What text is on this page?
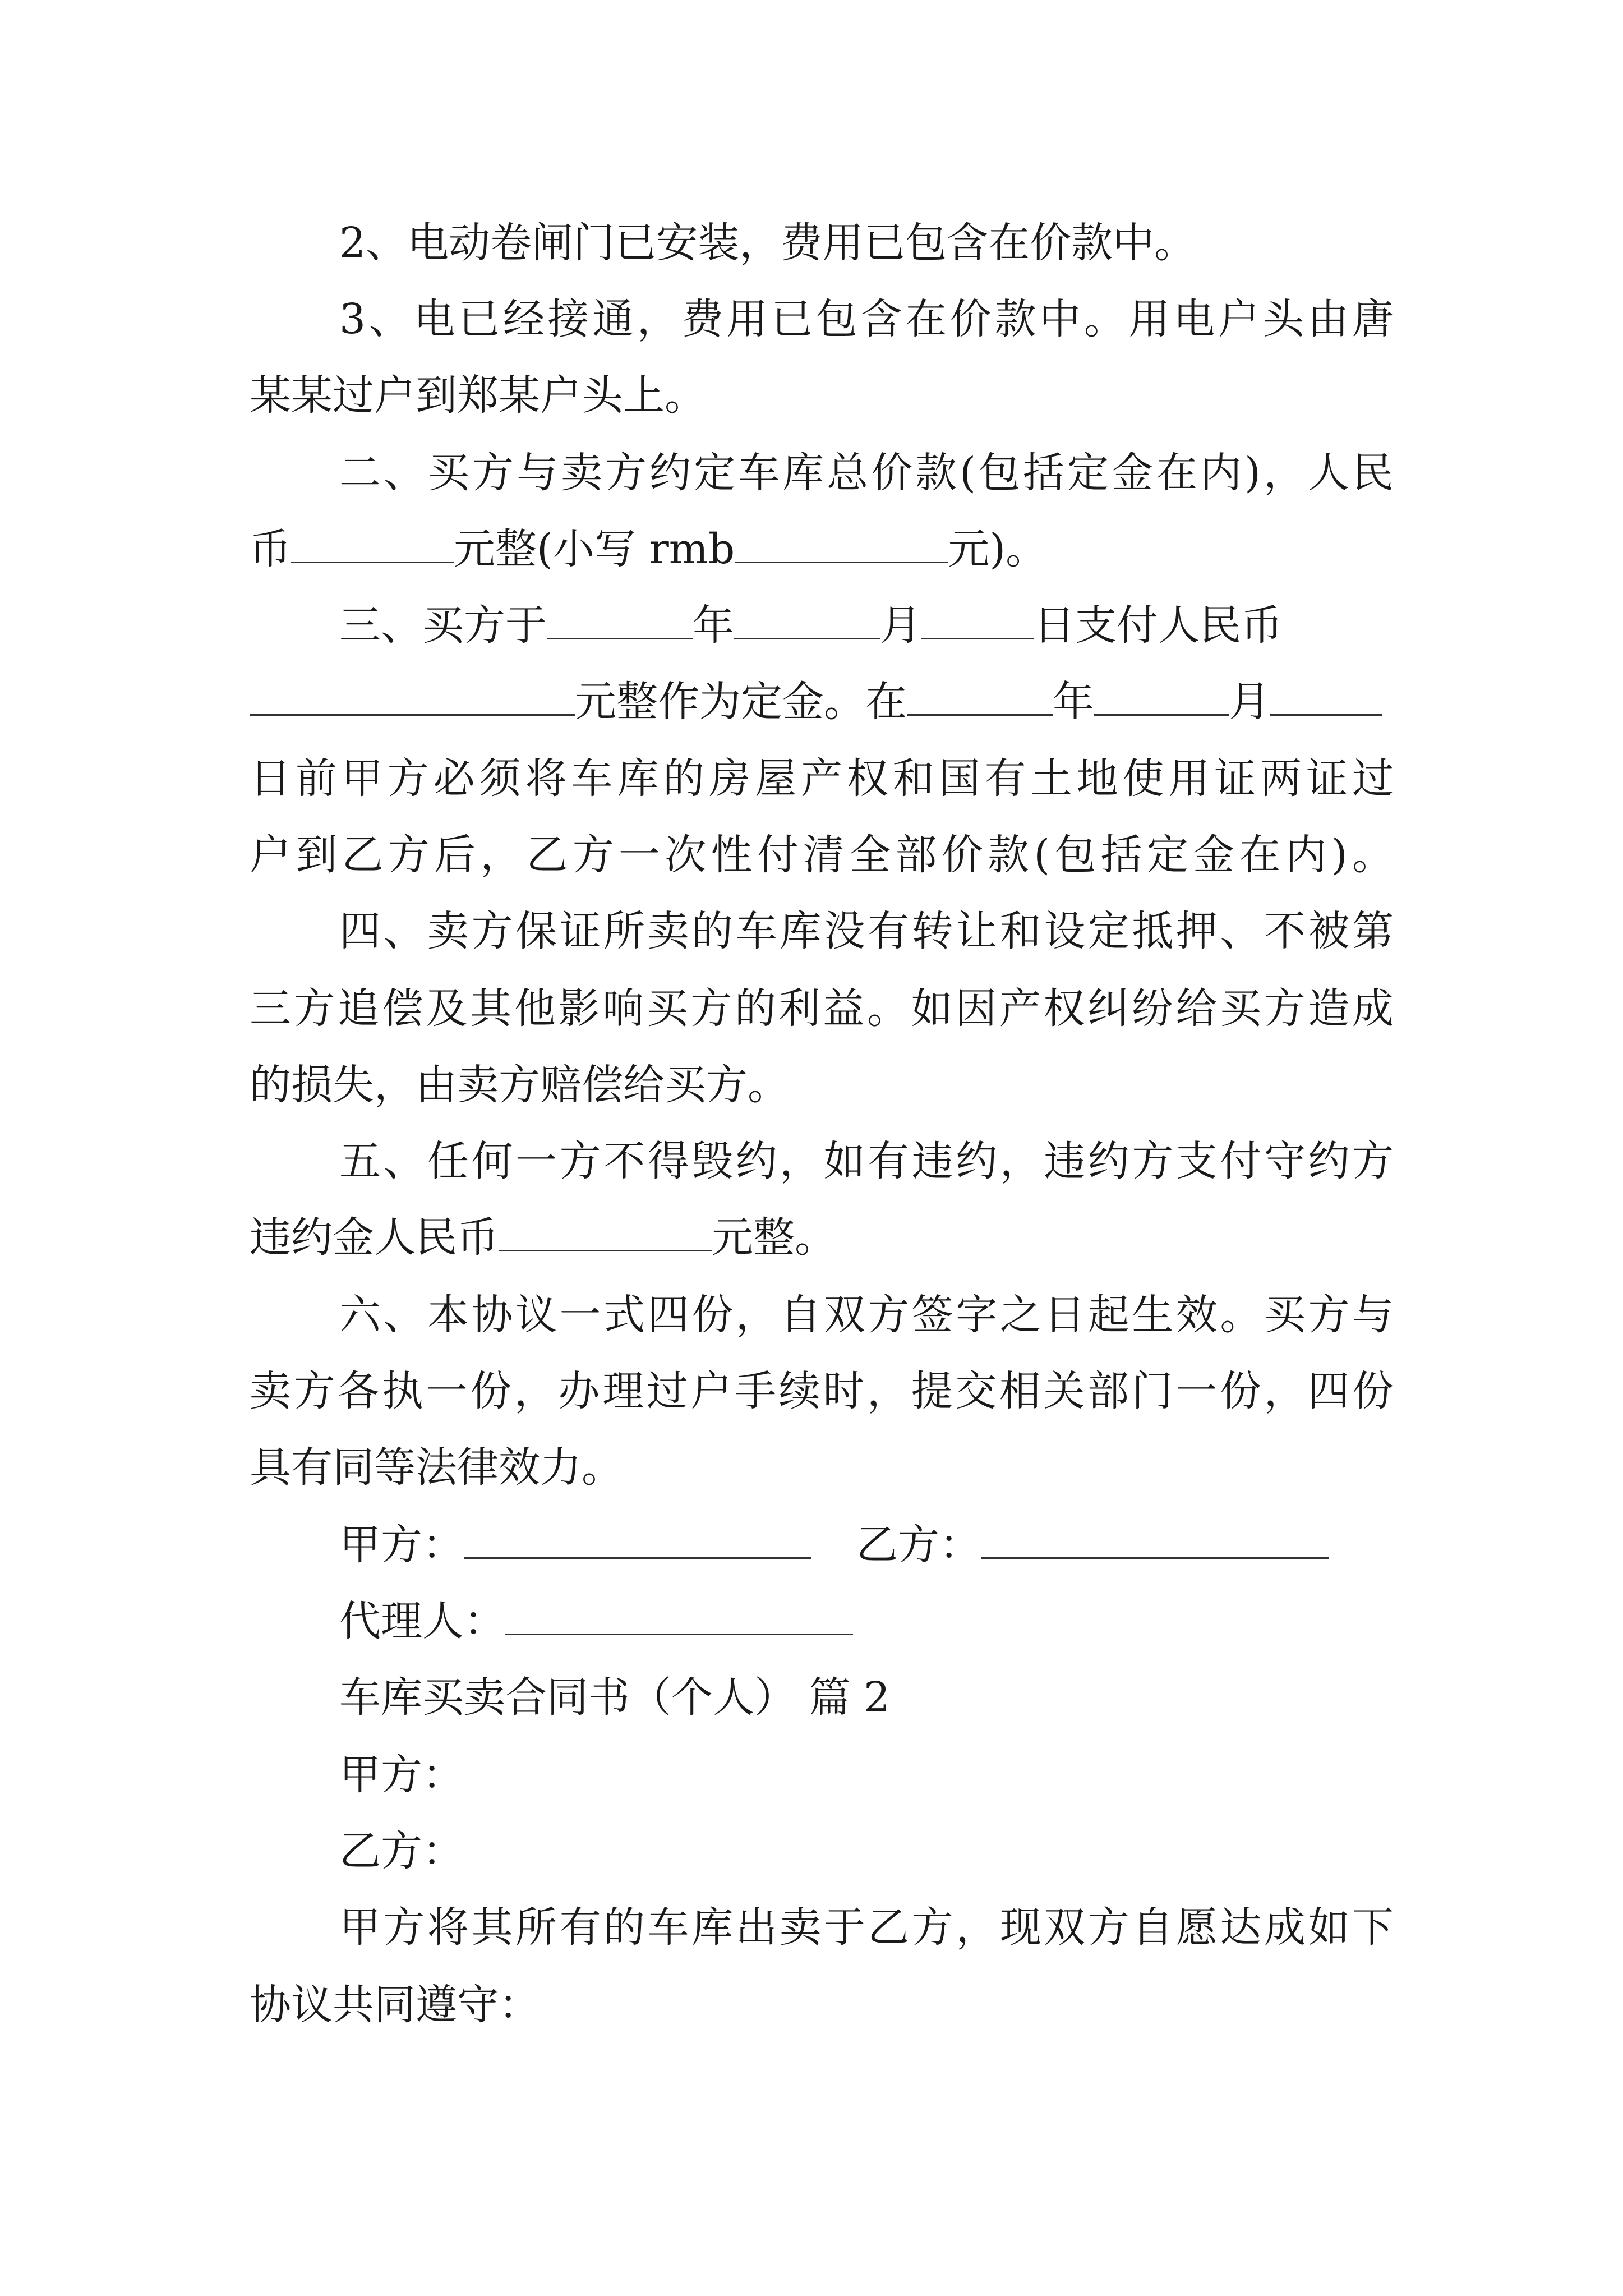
2、电动卷闸门已安装，费用已包含在价款中。
3、电已经接通，费用已包含在价款中。用电户头由唐
某某过户到郑某户头上。
二、买方与卖方约定车库总价款(包括定金在内)，人民
币	元整(小写 rmb	元)。
三、买方于	年	月	日支付人民币
元整作为定金。在	年	月
日前甲方必须将车库的房屋产权和国有土地使用证两证过
户到乙方后，乙方一次性付清全部价款(包括定金在内)。
四、卖方保证所卖的车库没有转让和设定抵押、不被第
三方追偿及其他影响买方的利益。如因产权纠纷给买方造成
的损失，由卖方赔偿给买方。
五、任何一方不得毁约，如有违约，违约方支付守约方
违约金人民币	元整。
六、本协议一式四份，自双方签字之日起生效。买方与
卖方各执一份，办理过户手续时，提交相关部门一份，四份
具有同等法律效力。
甲方：	乙方：
代理人：
车库买卖合同书（个人） 篇 2
甲方：
乙方：
甲方将其所有的车库出卖于乙方，现双方自愿达成如下
协议共同遵守：
